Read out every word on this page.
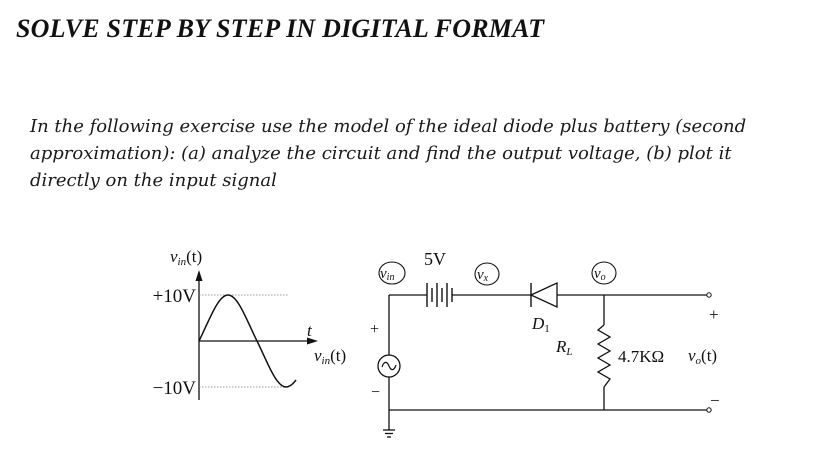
SOLVE STEP BY STEP IN DIGITAL FORMAT
In the following exercise use the model of the ideal diode plus battery (second
approximation): (a) analyze the circuit and find the output voltage, (b) plot it
directly on the input signal
vin(t)
+10V
−10V
t	+
−
vin(t)
vin
5V
vx
D1
vo
RL	4.7KΩ
+
−
vo(t)
